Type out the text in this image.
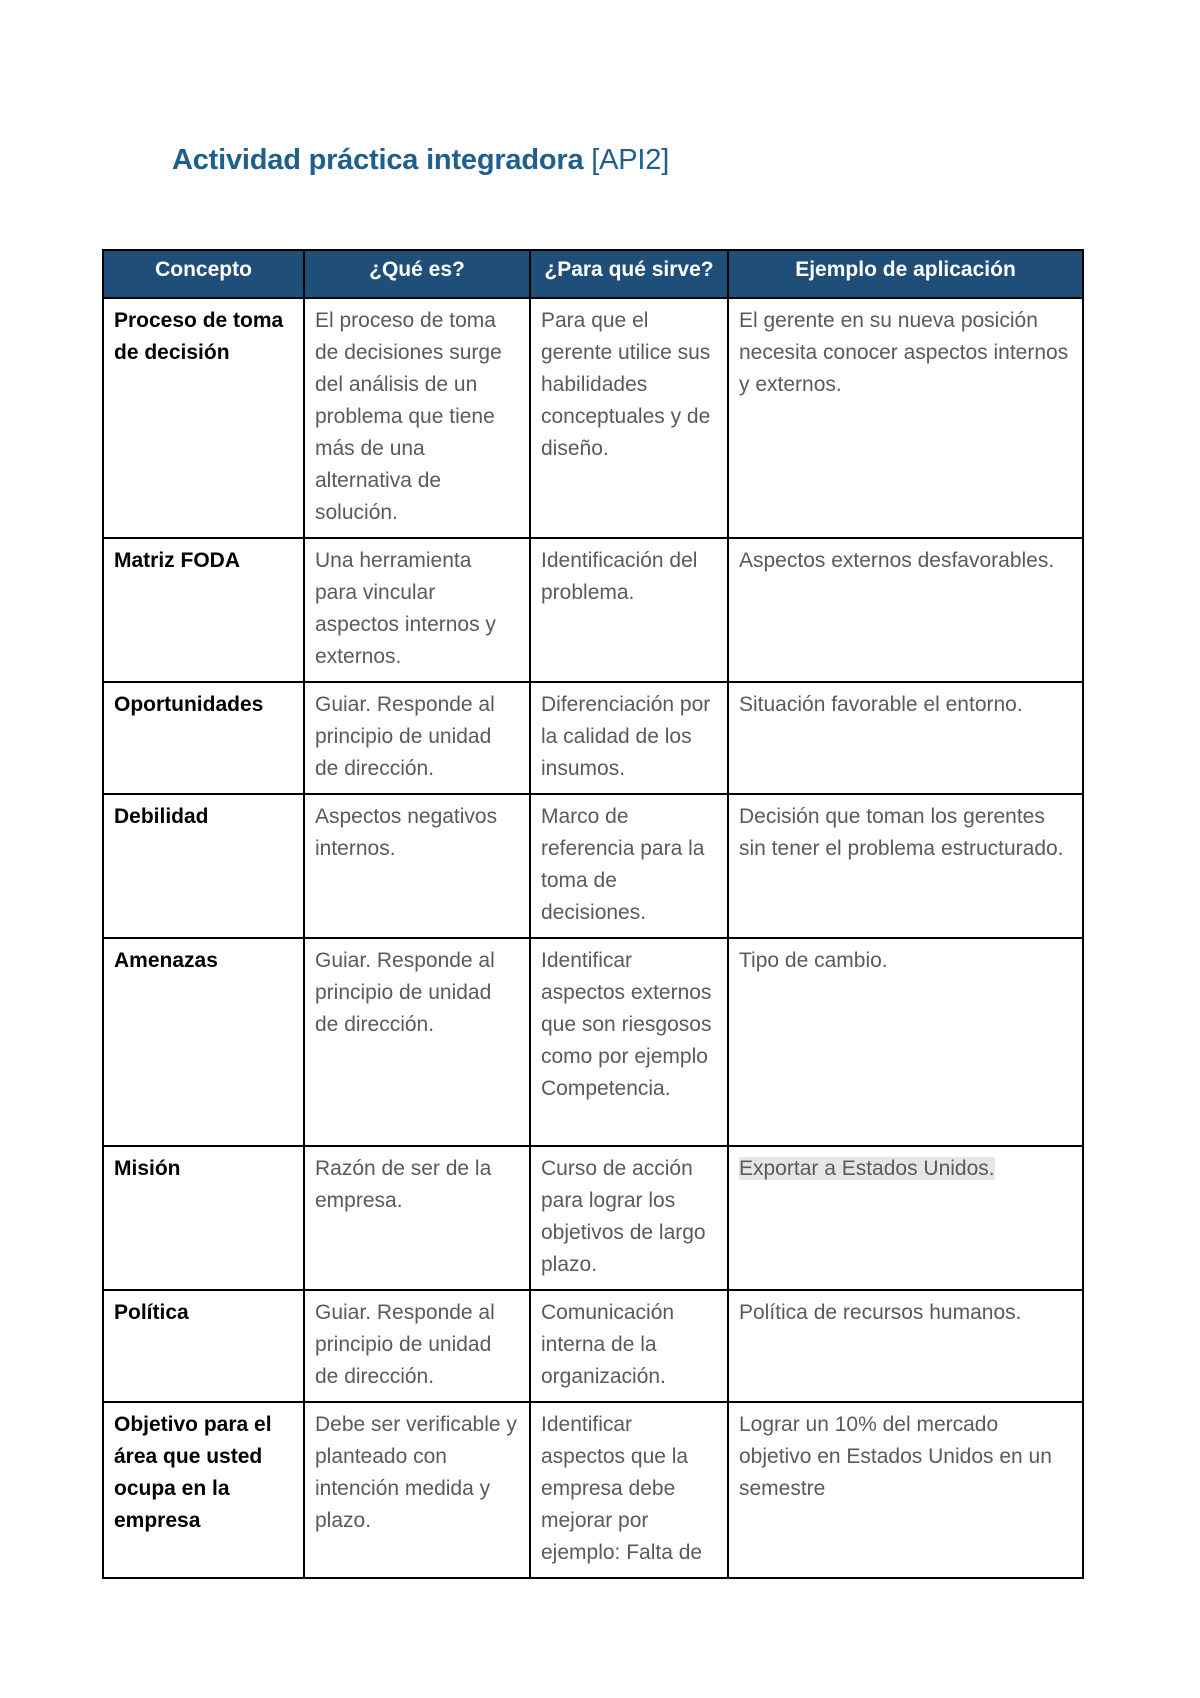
Actividad práctica integradora [API2]
Concepto	¿Qué es?	¿Para qué sirve?	Ejemplo de aplicación
Proceso de toma de decisión	El proceso de toma de decisiones surge del análisis de un problema que tiene más de una alternativa de solución.	Para que el gerente utilice sus habilidades conceptuales y de diseño.	El gerente en su nueva posición necesita conocer aspectos internos y externos.
Matriz FODA	Una herramienta para vincular aspectos internos y externos.	Identificación del problema.	Aspectos externos desfavorables.
Oportunidades	Guiar. Responde al principio de unidad de dirección.	Diferenciación por la calidad de los insumos.	Situación favorable el entorno.
Debilidad	Aspectos negativos internos.	Marco de referencia para la toma de decisiones.	Decisión que toman los gerentes sin tener el problema estructurado.
Amenazas	Guiar. Responde al principio de unidad de dirección.	Identificar aspectos externos que son riesgosos como por ejemplo Competencia.	Tipo de cambio.
Misión	Razón de ser de la empresa.	Curso de acción para lograr los objetivos de largo plazo.	Exportar a Estados Unidos.
Política	Guiar. Responde al principio de unidad de dirección.	Comunicación interna de la organización.	Política de recursos humanos.
Objetivo para el área que usted ocupa en la empresa	Debe ser verificable y planteado con intención medida y plazo.	Identificar aspectos que la empresa debe mejorar por ejemplo: Falta de	Lograr un 10% del mercado objetivo en Estados Unidos en un semestre
